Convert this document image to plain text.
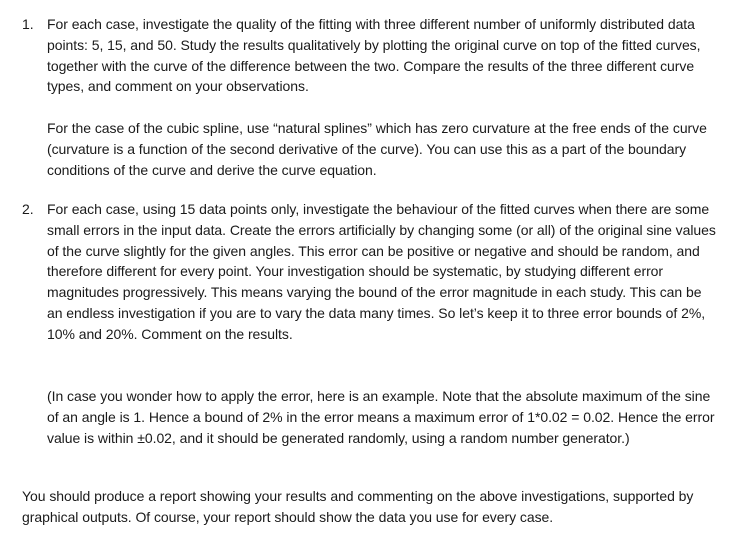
1. For each case, investigate the quality of the fitting with three different number of uniformly distributed data points: 5, 15, and 50. Study the results qualitatively by plotting the original curve on top of the fitted curves, together with the curve of the difference between the two. Compare the results of the three different curve types, and comment on your observations.

For the case of the cubic spline, use “natural splines” which has zero curvature at the free ends of the curve (curvature is a function of the second derivative of the curve). You can use this as a part of the boundary conditions of the curve and derive the curve equation.

2. For each case, using 15 data points only, investigate the behaviour of the fitted curves when there are some small errors in the input data. Create the errors artificially by changing some (or all) of the original sine values of the curve slightly for the given angles. This error can be positive or negative and should be random, and therefore different for every point. Your investigation should be systematic, by studying different error magnitudes progressively. This means varying the bound of the error magnitude in each study. This can be an endless investigation if you are to vary the data many times. So let’s keep it to three error bounds of 2%, 10% and 20%. Comment on the results.

(In case you wonder how to apply the error, here is an example. Note that the absolute maximum of the sine of an angle is 1. Hence a bound of 2% in the error means a maximum error of 1*0.02 = 0.02. Hence the error value is within ±0.02, and it should be generated randomly, using a random number generator.)

You should produce a report showing your results and commenting on the above investigations, supported by graphical outputs. Of course, your report should show the data you use for every case.
